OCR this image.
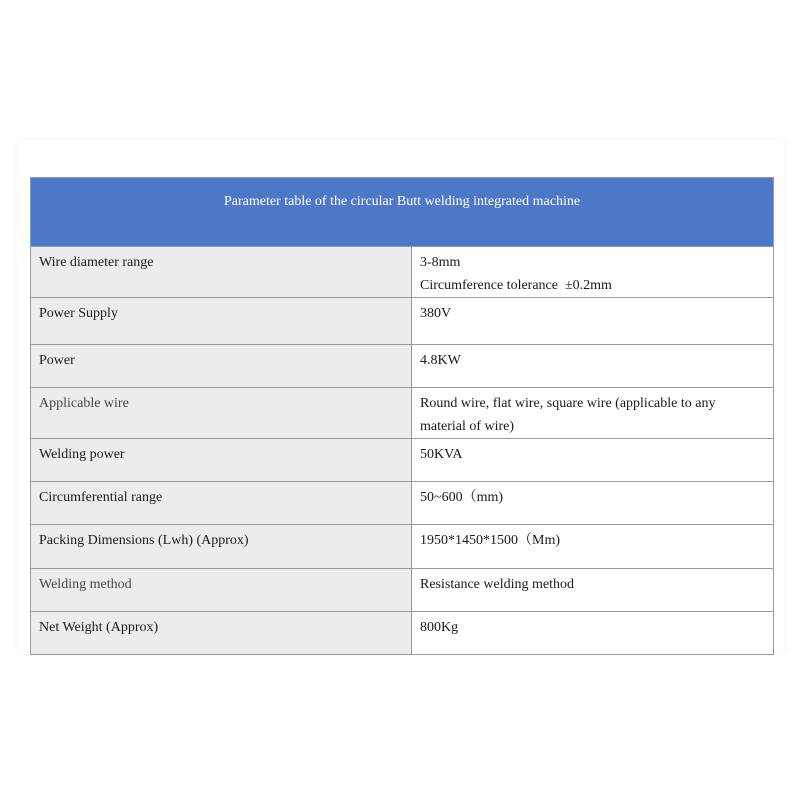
Parameter table of the circular Butt welding integrated machine	
Wire diameter range	3-8mm
Circumference tolerance  ±0.2mm

Power Supply	380V
Power	4.8KW
Applicable wire	Round wire, flat wire, square wire (applicable to any
material of wire)

Welding power	50KVA
Circumferential range	50~600（mm)
Packing Dimensions (Lwh) (Approx)	1950*1450*1500（Mm)
Welding method	Resistance welding method
Net Weight (Approx)	800Kg
